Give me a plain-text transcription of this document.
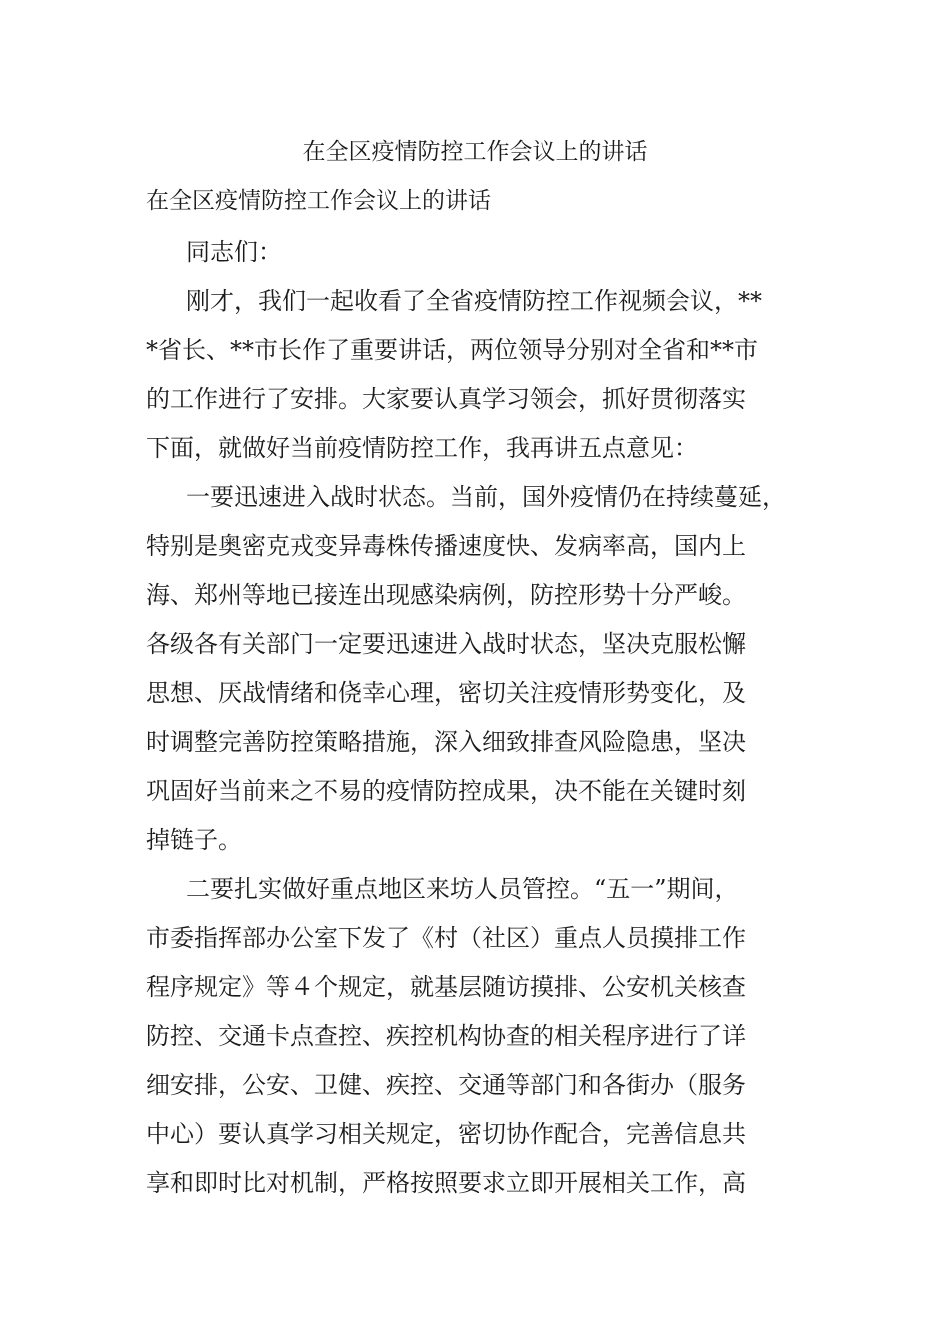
在全区疫情防控工作会议上的讲话
在全区疫情防控工作会议上的讲话

同志们：

刚才，我们一起收看了全省疫情防控工作视频会议，**

*省长、**市长作了重要讲话，两位领导分别对全省和**市

的工作进行了安排。大家要认真学习领会，抓好贯彻落实

下面，就做好当前疫情防控工作，我再讲五点意见：

一要迅速进入战时状态。当前，国外疫情仍在持续蔓延，

特别是奥密克戎变异毒株传播速度快、发病率高，国内上

海、郑州等地已接连出现感染病例，防控形势十分严峻。

各级各有关部门一定要迅速进入战时状态，坚决克服松懈

思想、厌战情绪和侥幸心理，密切关注疫情形势变化，及

时调整完善防控策略措施，深入细致排查风险隐患，坚决

巩固好当前来之不易的疫情防控成果，决不能在关键时刻

掉链子。

二要扎实做好重点地区来坊人员管控。“五一”期间，

市委指挥部办公室下发了《村（社区）重点人员摸排工作

程序规定》等４个规定，就基层随访摸排、公安机关核查

防控、交通卡点查控、疾控机构协查的相关程序进行了详

细安排，公安、卫健、疾控、交通等部门和各街办（服务

中心）要认真学习相关规定，密切协作配合，完善信息共

享和即时比对机制，严格按照要求立即开展相关工作，高
